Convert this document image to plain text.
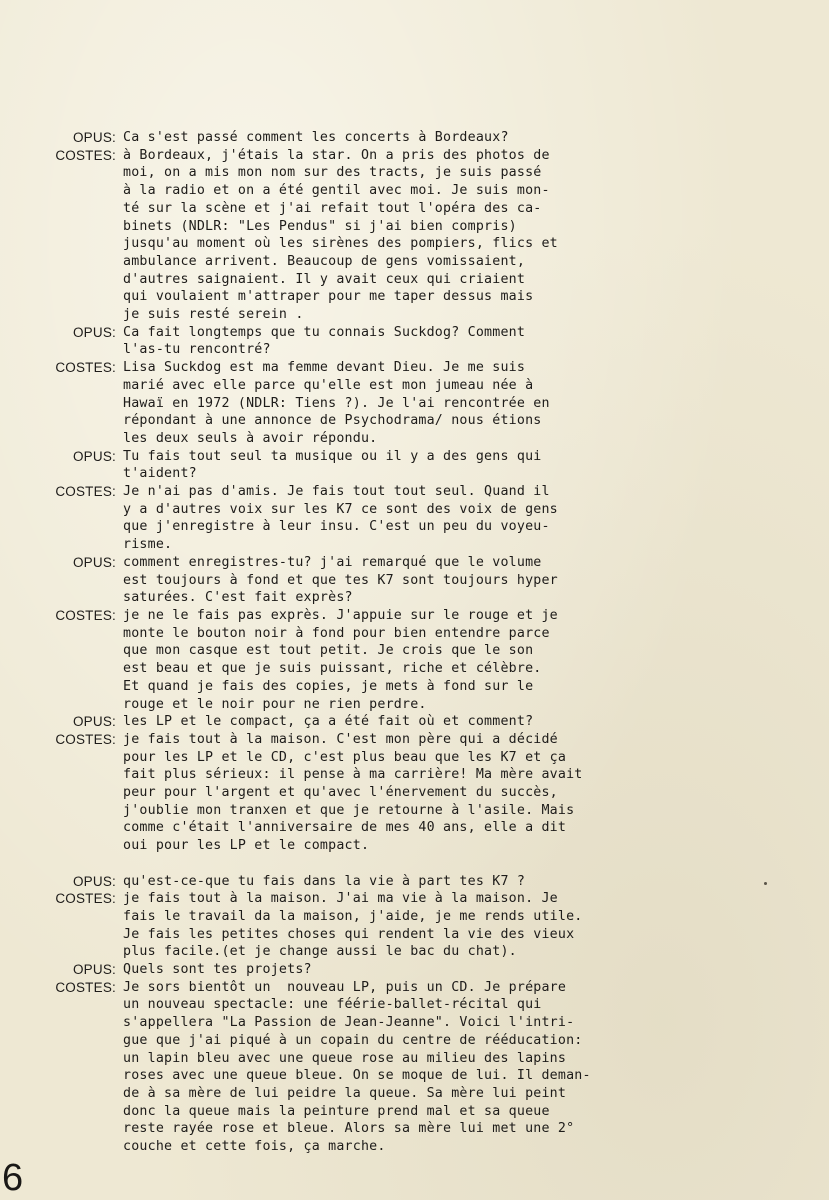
OPUS: Ca s'est passé comment les concerts à Bordeaux?
COSTES: à Bordeaux, j'étais la star. On a pris des photos de
moi, on a mis mon nom sur des tracts, je suis passé
à la radio et on a été gentil avec moi. Je suis mon-
té sur la scène et j'ai refait tout l'opéra des ca-
binets (NDLR: "Les Pendus" si j'ai bien compris)
jusqu'au moment où les sirènes des pompiers, flics et
ambulance arrivent. Beaucoup de gens vomissaient,
d'autres saignaient. Il y avait ceux qui criaient
qui voulaient m'attraper pour me taper dessus mais
je suis resté serein .
OPUS: Ca fait longtemps que tu connais Suckdog? Comment
l'as-tu rencontré?
COSTES: Lisa Suckdog est ma femme devant Dieu. Je me suis
marié avec elle parce qu'elle est mon jumeau née à
Hawaï en 1972 (NDLR: Tiens ?). Je l'ai rencontrée en
répondant à une annonce de Psychodrama/ nous étions
les deux seuls à avoir répondu.
OPUS: Tu fais tout seul ta musique ou il y a des gens qui
t'aident?
COSTES: Je n'ai pas d'amis. Je fais tout tout seul. Quand il
y a d'autres voix sur les K7 ce sont des voix de gens
que j'enregistre à leur insu. C'est un peu du voyeu-
risme.
OPUS: comment enregistres-tu? j'ai remarqué que le volume
est toujours à fond et que tes K7 sont toujours hyper
saturées. C'est fait exprès?
COSTES: je ne le fais pas exprès. J'appuie sur le rouge et je
monte le bouton noir à fond pour bien entendre parce
que mon casque est tout petit. Je crois que le son
est beau et que je suis puissant, riche et célèbre.
Et quand je fais des copies, je mets à fond sur le
rouge et le noir pour ne rien perdre.
OPUS: les LP et le compact, ça a été fait où et comment?
COSTES: je fais tout à la maison. C'est mon père qui a décidé
pour les LP et le CD, c'est plus beau que les K7 et ça
fait plus sérieux: il pense à ma carrière! Ma mère avait
peur pour l'argent et qu'avec l'énervement du succès,
j'oublie mon tranxen et que je retourne à l'asile. Mais
comme c'était l'anniversaire de mes 40 ans, elle a dit
oui pour les LP et le compact.

OPUS: qu'est-ce-que tu fais dans la vie à part tes K7 ?
COSTES: je fais tout à la maison. J'ai ma vie à la maison. Je
fais le travail da la maison, j'aide, je me rends utile.
Je fais les petites choses qui rendent la vie des vieux
plus facile.(et je change aussi le bac du chat).
OPUS: Quels sont tes projets?
COSTES: Je sors bientôt un  nouveau LP, puis un CD. Je prépare
un nouveau spectacle: une féérie-ballet-récital qui
s'appellera "La Passion de Jean-Jeanne". Voici l'intri-
gue que j'ai piqué à un copain du centre de rééducation:
un lapin bleu avec une queue rose au milieu des lapins
roses avec une queue bleue. On se moque de lui. Il deman-
de à sa mère de lui peidre la queue. Sa mère lui peint
donc la queue mais la peinture prend mal et sa queue
reste rayée rose et bleue. Alors sa mère lui met une 2°
couche et cette fois, ça marche.
6
